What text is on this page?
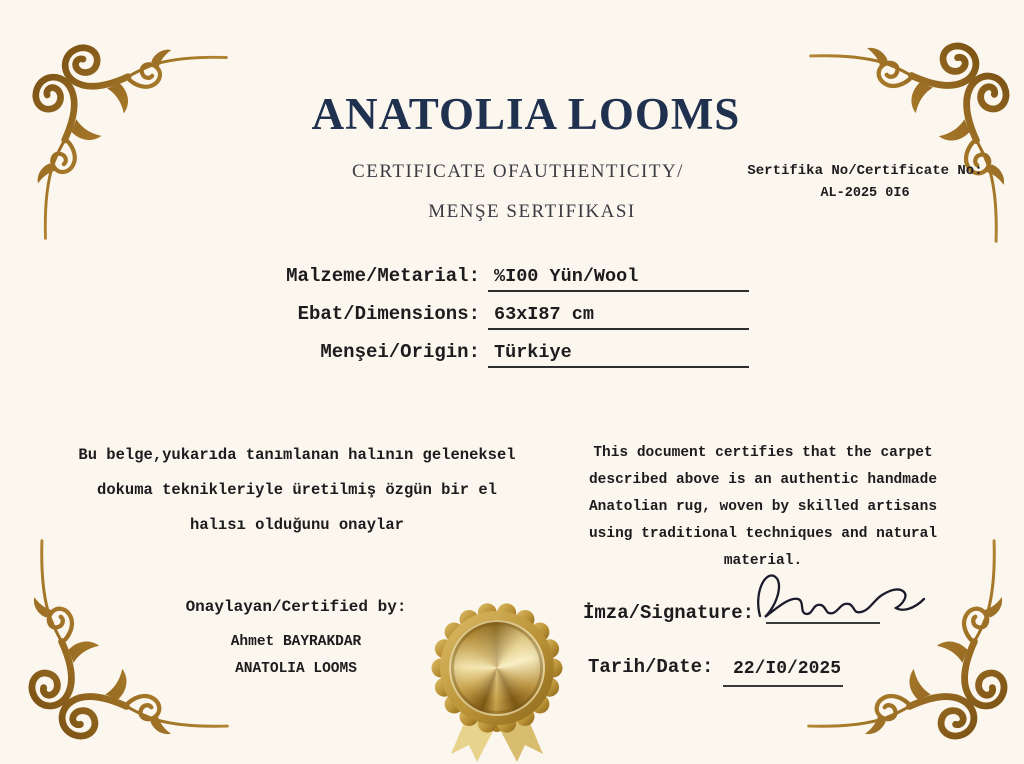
ANATOLIA LOOMS
CERTIFICATE OFAUTHENTICITY/
MENŞE SERTIFIKASI
Sertifika No/Certificate No:
AL-2025 0I6
Malzeme/Metarial: %I00 Yün/Wool
Ebat/Dimensions: 63xI87 cm
Menşei/Origin: Türkiye
Bu belge,yukarıda tanımlanan halının geleneksel dokuma teknikleriyle üretilmiş özgün bir el halısı olduğunu onaylar
This document certifies that the carpet described above is an authentic handmade Anatolian rug, woven by skilled artisans using traditional techniques and natural material.
Onaylayan/Certified by:
Ahmet BAYRAKDAR
ANATOLIA LOOMS
İmza/Signature:
Tarih/Date: 22/I0/2025
